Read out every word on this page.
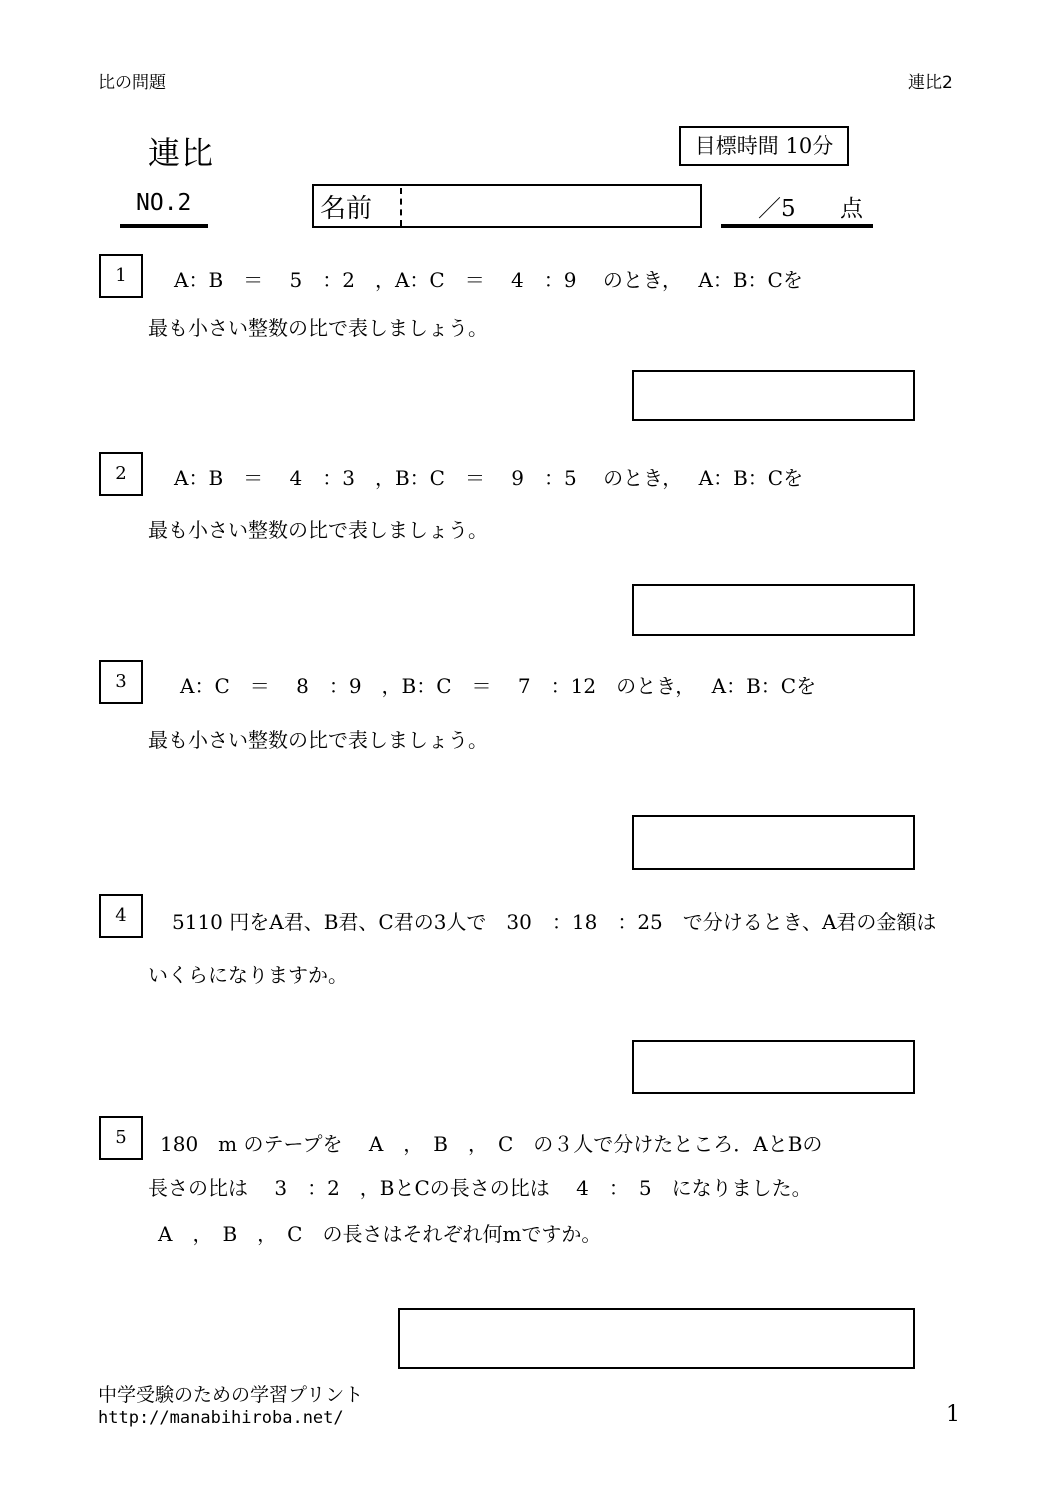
比の問題	連比2
連比	目標時間 10分
NO.2	名前	／5 点
1	A：B　＝　 5　：2　，A：C　＝　 4　：9　 のとき，　 A：B：Cを
最も小さい整数の比で表しましょう。
2	A：B　＝　 4　：3　，B：C　＝　 9　：5　 のとき，　 A：B：Cを
最も小さい整数の比で表しましょう。
3	A：C　＝　 8　：9　，B：C　＝　 7　：12　のとき，　 A：B：Cを
最も小さい整数の比で表しましょう。
4	5110 円をA君、B君、C君の3人で　30　：18　：25　で分けるとき、A君の金額は
いくらになりますか。
5	180　m のテープを　 A　，　B　，　C　の３人で分けたところ．AとBの
長さの比は　 3　：2　，BとCの長さの比は　 4　：　5　になりました。
A　，　B　，　C　の長さはそれぞれ何mですか。
中学受験のための学習プリント
http://manabihiroba.net/	1
